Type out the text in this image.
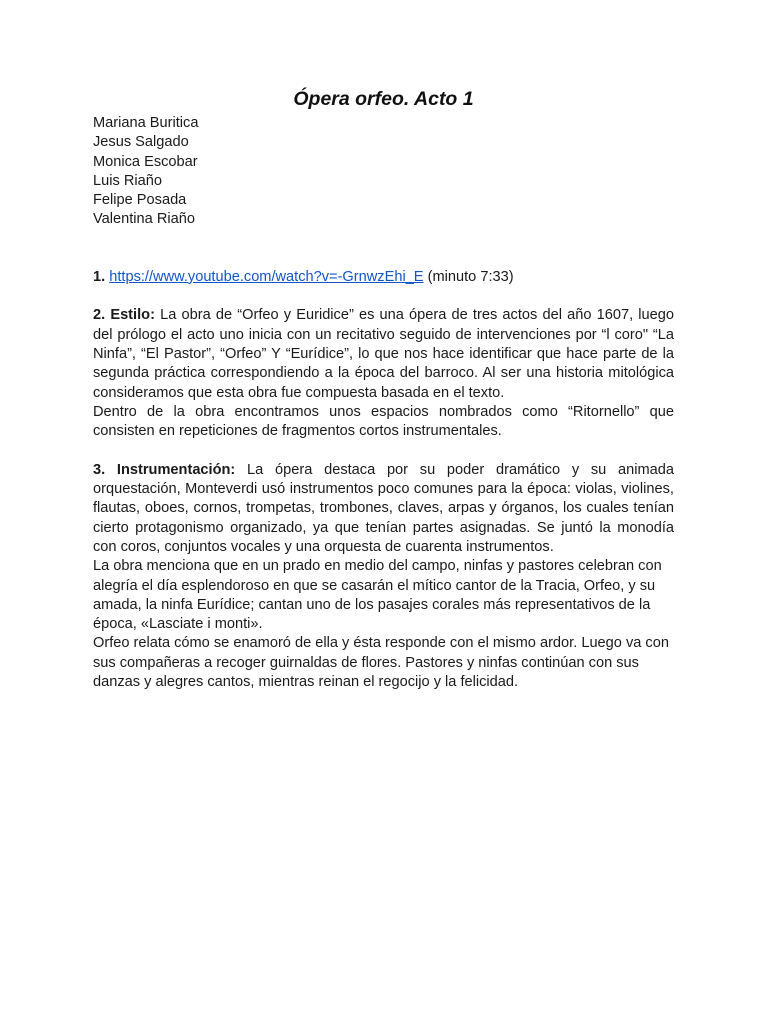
Ópera orfeo. Acto 1
Mariana Buritica
Jesus Salgado
Monica Escobar
Luis Riaño
Felipe Posada
Valentina Riaño

1. https://www.youtube.com/watch?v=-GrnwzEhi_E (minuto 7:33)

2. Estilo: La obra de “Orfeo y Euridice” es una ópera de tres actos del año 1607, luego del prólogo el acto uno inicia con un recitativo seguido de intervenciones por “l coro" “La Ninfa”, “El Pastor”, “Orfeo” Y “Eurídice”, lo que nos hace identificar que hace parte de la segunda práctica correspondiendo a la época del barroco. Al ser una historia mitológica consideramos que esta obra fue compuesta basada en el texto.

Dentro de la obra encontramos unos espacios nombrados como “Ritornello” que consisten en repeticiones de fragmentos cortos instrumentales.

3. Instrumentación: La ópera destaca por su poder dramático y su animada orquestación, Monteverdi usó instrumentos poco comunes para la época: violas, violines, flautas, oboes, cornos, trompetas, trombones, claves, arpas y órganos, los cuales tenían cierto protagonismo organizado, ya que tenían partes asignadas. Se juntó la monodía con coros, conjuntos vocales y una orquesta de cuarenta instrumentos.

La obra menciona que en un prado en medio del campo, ninfas y pastores celebran con alegría el día esplendoroso en que se casarán el mítico cantor de la Tracia, Orfeo, y su amada, la ninfa Eurídice; cantan uno de los pasajes corales más representativos de la época, «Lasciate i monti».

Orfeo relata cómo se enamoró de ella y ésta responde con el mismo ardor. Luego va con sus compañeras a recoger guirnaldas de flores. Pastores y ninfas continúan con sus danzas y alegres cantos, mientras reinan el regocijo y la felicidad.
